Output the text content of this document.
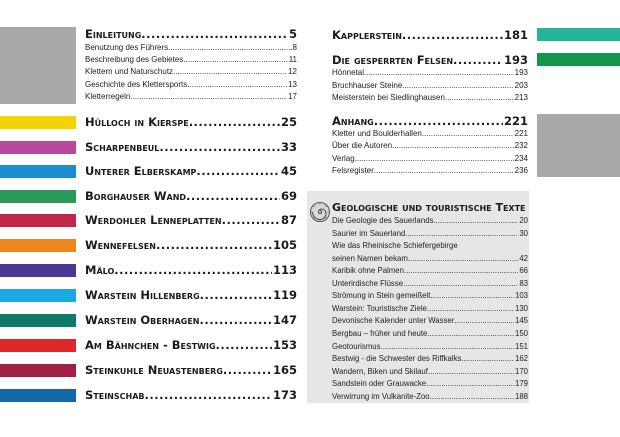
Einleitung .....	5
Benutzung des Führers .....	8
Beschreibung des Gebietes .....	11
Klettern und Naturschutz .....	12
Geschichte des Klettersports .....	13
Kletterregeln .....	17
Hülloch in Kierspe .....	25
Scharpenbeul .....	33
Unterer Elberskamp .....	45
Borghauser Wand .....	69
Werdohler Lenneplatten .....	87
Wennefelsen .....	105
Mälo .....	113
Warstein Hillenberg .....	119
Warstein Oberhagen .....	147
Am Bähnchen - Bestwig .....	153
Steinkuhle Neuastenberg .....	165
Steinschab .....	173
Kapplerstein .....	181
Die gesperrten Felsen .....	193
Hönnetal .....	193
Bruchhauser Steine .....	203
Meisterstein bei Siedlinghausen .....	213
Anhang .....	221
Kletter und Boulderhallen .....	221
Über die Autoren .....	232
Verlag .....	234
Felsregister .....	236
Geologische und touristische Texte
Die Geologie des Sauerlands .....	20
Saurier im Sauerland .....	30
Wie das Rheinische Schiefergebirge
seinen Namen bekam .....	42
Karibik ohne Palmen .....	66
Unterirdische Flüsse .....	83
Strömung in Stein gemeißelt .....	103
Warstein: Touristische Ziele .....	130
Devonische Kalender unter Wasser .....	145
Bergbau – früher und heute .....	150
Geotourismus .....	151
Bestwig - die Schwester des Riffkalks .....	162
Wandern, Biken und Skilauf .....	170
Sandstein oder Grauwacke .....	179
Verwirrung im Vulkanite-Zoo .....	188
